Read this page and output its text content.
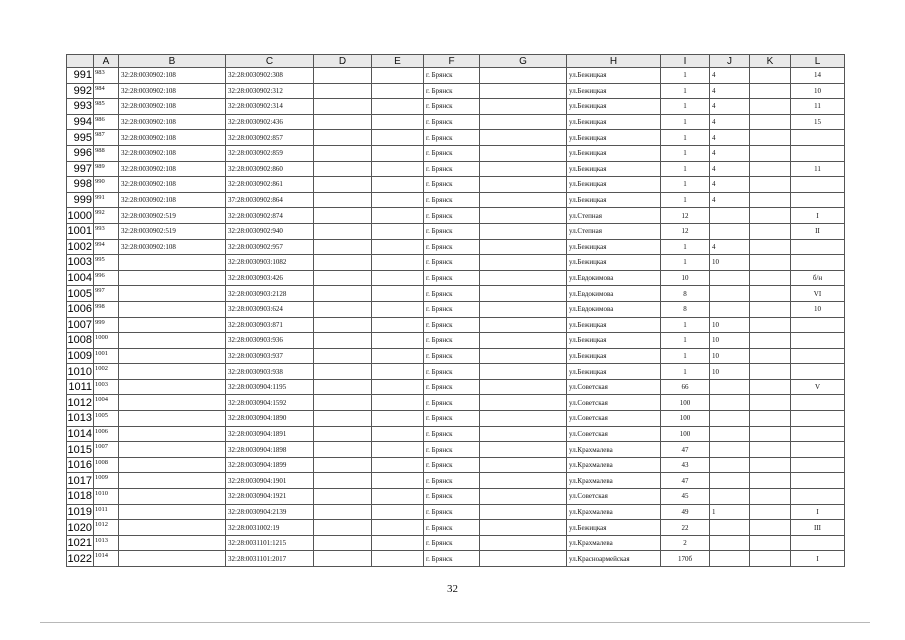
	A	B	C	D	E	F	G	H	I	J	K	L
991	983	32:28:0030902:108	32:28:0030902:308			г. Брянск		ул.Бежицкая	1	4		14
992	984	32:28:0030902:108	32:28:0030902:312			г. Брянск		ул.Бежицкая	1	4		10
993	985	32:28:0030902:108	32:28:0030902:314			г. Брянск		ул.Бежицкая	1	4		11
994	986	32:28:0030902:108	32:28:0030902:436			г. Брянск		ул.Бежицкая	1	4		15
995	987	32:28:0030902:108	32:28:0030902:857			г. Брянск		ул.Бежицкая	1	4		
996	988	32:28:0030902:108	32:28:0030902:859			г. Брянск		ул.Бежицкая	1	4		
997	989	32:28:0030902:108	32:28:0030902:860			г. Брянск		ул.Бежицкая	1	4		11
998	990	32:28:0030902:108	32:28:0030902:861			г. Брянск		ул.Бежицкая	1	4		
999	991	32:28:0030902:108	37:28:0030902:864			г. Брянск		ул.Бежицкая	1	4		
1000	992	32:28:0030902:519	32:28:0030902:874			г. Брянск		ул.Степная	12			I
1001	993	32:28:0030902:519	32:28:0030902:940			г. Брянск		ул.Степная	12			II
1002	994	32:28:0030902:108	32:28:0030902:957			г. Брянск		ул.Бежицкая	1	4		
1003	995		32:28:0030903:1082			г. Брянск		ул.Бежицкая	1	10		
1004	996		32:28:0030903:426			г. Брянск		ул.Евдокимова	10			б/н
1005	997		32:28:0030903:2128			г. Брянск		ул.Евдокимова	8			VI
1006	998		32:28:0030903:624			г. Брянск		ул.Евдокимова	8			10
1007	999		32:28:0030903:871			г. Брянск		ул.Бежицкая	1	10		
1008	1000		32:28:0030903:936			г. Брянск		ул.Бежицкая	1	10		
1009	1001		32:28:0030903:937			г. Брянск		ул.Бежицкая	1	10		
1010	1002		32:28:0030903:938			г. Брянск		ул.Бежицкая	1	10		
1011	1003		32:28:0030904:1195			г. Брянск		ул.Советская	66			V
1012	1004		32:28:0030904:1592			г. Брянск		ул.Советская	100			
1013	1005		32:28:0030904:1890			г. Брянск		ул.Советская	100			
1014	1006		32:28:0030904:1891			г. Брянск		ул.Советская	100			
1015	1007		32:28:0030904:1898			г. Брянск		ул.Крахмалева	47			
1016	1008		32:28:0030904:1899			г. Брянск		ул.Крахмалева	43			
1017	1009		32:28:0030904:1901			г. Брянск		ул.Крахмалева	47			
1018	1010		32:28:0030904:1921			г. Брянск		ул.Советская	45			
1019	1011		32:28:0030904:2139			г. Брянск		ул.Крахмалева	49	1		I
1020	1012		32:28:0031002:19			г. Брянск		ул.Бежицкая	22			III
1021	1013		32:28:0031101:1215			г. Брянск		ул.Крахмалева	2			
1022	1014		32:28:0031101:2017			г. Брянск		ул.Красноармейская	170б			I
32
